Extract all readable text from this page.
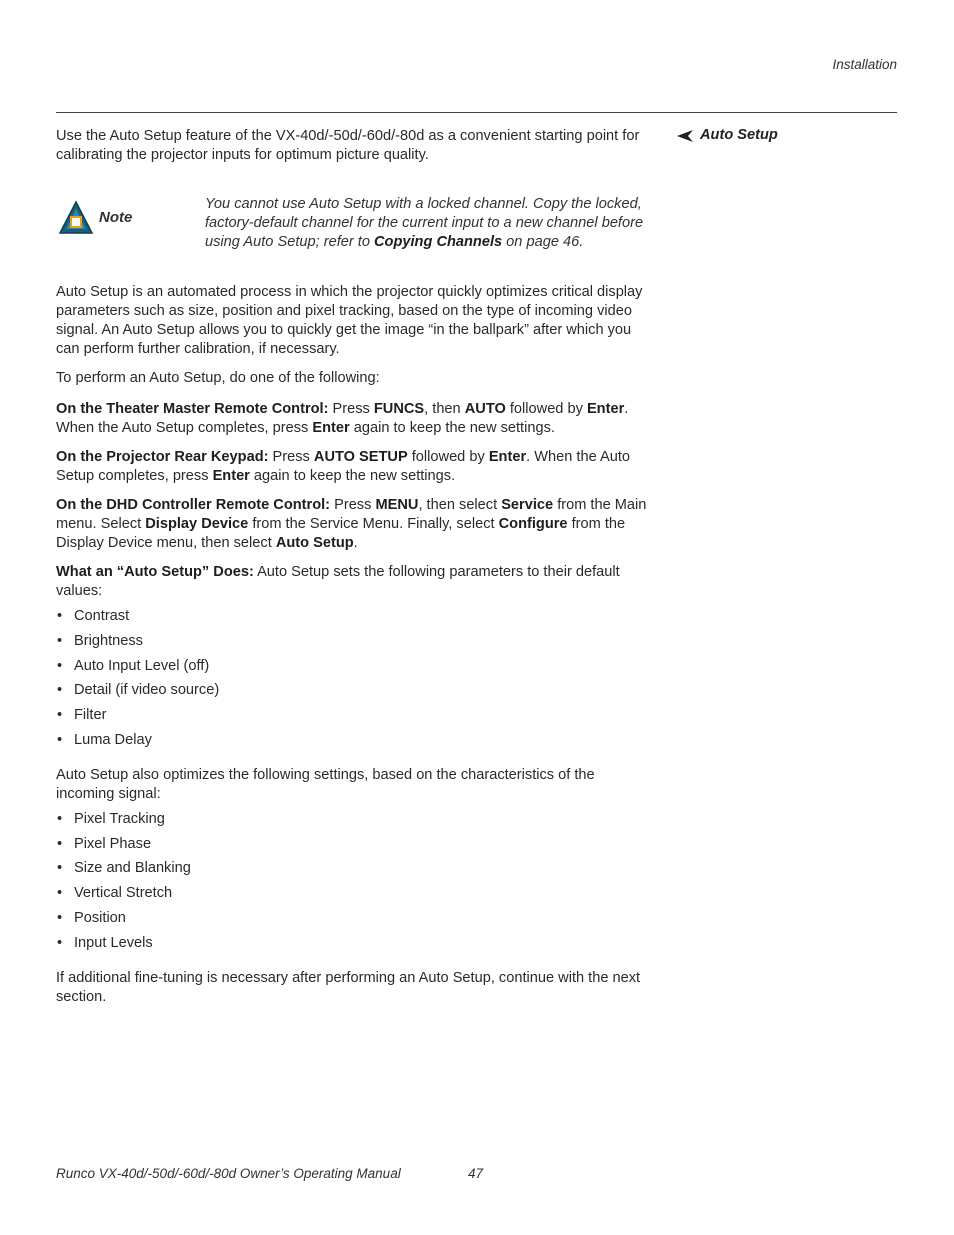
Installation
Auto Setup

Use the Auto Setup feature of the VX-40d/-50d/-60d/-80d as a convenient starting point for calibrating the projector inputs for optimum picture quality.

Note
You cannot use Auto Setup with a locked channel. Copy the locked, factory-default channel for the current input to a new channel before using Auto Setup; refer to Copying Channels on page 46.

Auto Setup is an automated process in which the projector quickly optimizes critical display parameters such as size, position and pixel tracking, based on the type of incoming video signal. An Auto Setup allows you to quickly get the image “in the ballpark” after which you can perform further calibration, if necessary.

To perform an Auto Setup, do one of the following:

On the Theater Master Remote Control: Press FUNCS, then AUTO followed by Enter. When the Auto Setup completes, press Enter again to keep the new settings.

On the Projector Rear Keypad: Press AUTO SETUP followed by Enter. When the Auto Setup completes, press Enter again to keep the new settings.

On the DHD Controller Remote Control: Press MENU, then select Service from the Main menu. Select Display Device from the Service Menu. Finally, select Configure from the Display Device menu, then select Auto Setup.

What an “Auto Setup” Does: Auto Setup sets the following parameters to their default values:

• Contrast
• Brightness
• Auto Input Level (off)
• Detail (if video source)
• Filter
• Luma Delay

Auto Setup also optimizes the following settings, based on the characteristics of the incoming signal:

• Pixel Tracking
• Pixel Phase
• Size and Blanking
• Vertical Stretch
• Position
• Input Levels

If additional fine-tuning is necessary after performing an Auto Setup, continue with the next section.

Runco VX-40d/-50d/-60d/-80d Owner’s Operating Manual	47
